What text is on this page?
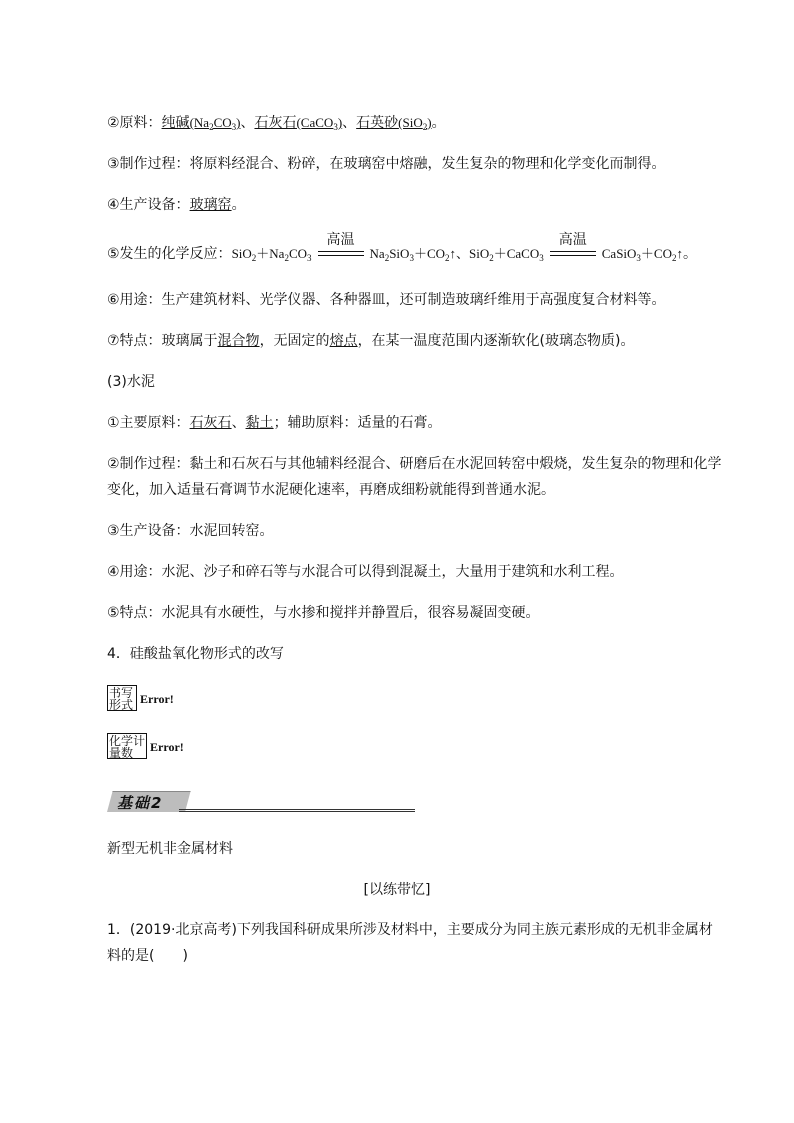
②原料：纯碱$(Na_2CO_3)$、石灰石(CaCO$_3$)、石英砂(SiO$_2$)。
③制作过程：将原料经混合、粉碎，在玻璃窑中熔融，发生复杂的物理和化学变化而制得。
④生产设备：玻璃窑。
⑤发生的化学反应：$SiO_2+Na_2CO_3$
高温
$Na_2SiO_3+CO_2↑$、SiO$_2$＋CaCO$_3$
高温
$CaSiO_3+CO_2↑$。
⑥用途：生产建筑材料、光学仪器、各种器皿，还可制造玻璃纤维用于高强度复合材料等。
⑦特点：玻璃属于混合物，无固定的熔点，在某一温度范围内逐渐软化(玻璃态物质)。
(3)水泥
①主要原料：石灰石、黏土；辅助原料：适量的石膏。
②制作过程：黏土和石灰石与其他辅料经混合、研磨后在水泥回转窑中煅烧，发生复杂的物理和化学
变化，加入适量石膏调节水泥硬化速率，再磨成细粉就能得到普通水泥。
③生产设备：水泥回转窑。
④用途：水泥、沙子和碎石等与水混合可以得到混凝土，大量用于建筑和水利工程。
⑤特点：水泥具有水硬性，与水掺和搅拌并静置后，很容易凝固变硬。
4．硅酸盐氧化物形式的改写
书写
形式 Error!
化学计
量数	Error!
基础2
新型无机非金属材料
[以练带忆]
1．(2019·北京高考)下列我国科研成果所涉及材料中，主要成分为同主族元素形成的无机非金属材
料的是( )
